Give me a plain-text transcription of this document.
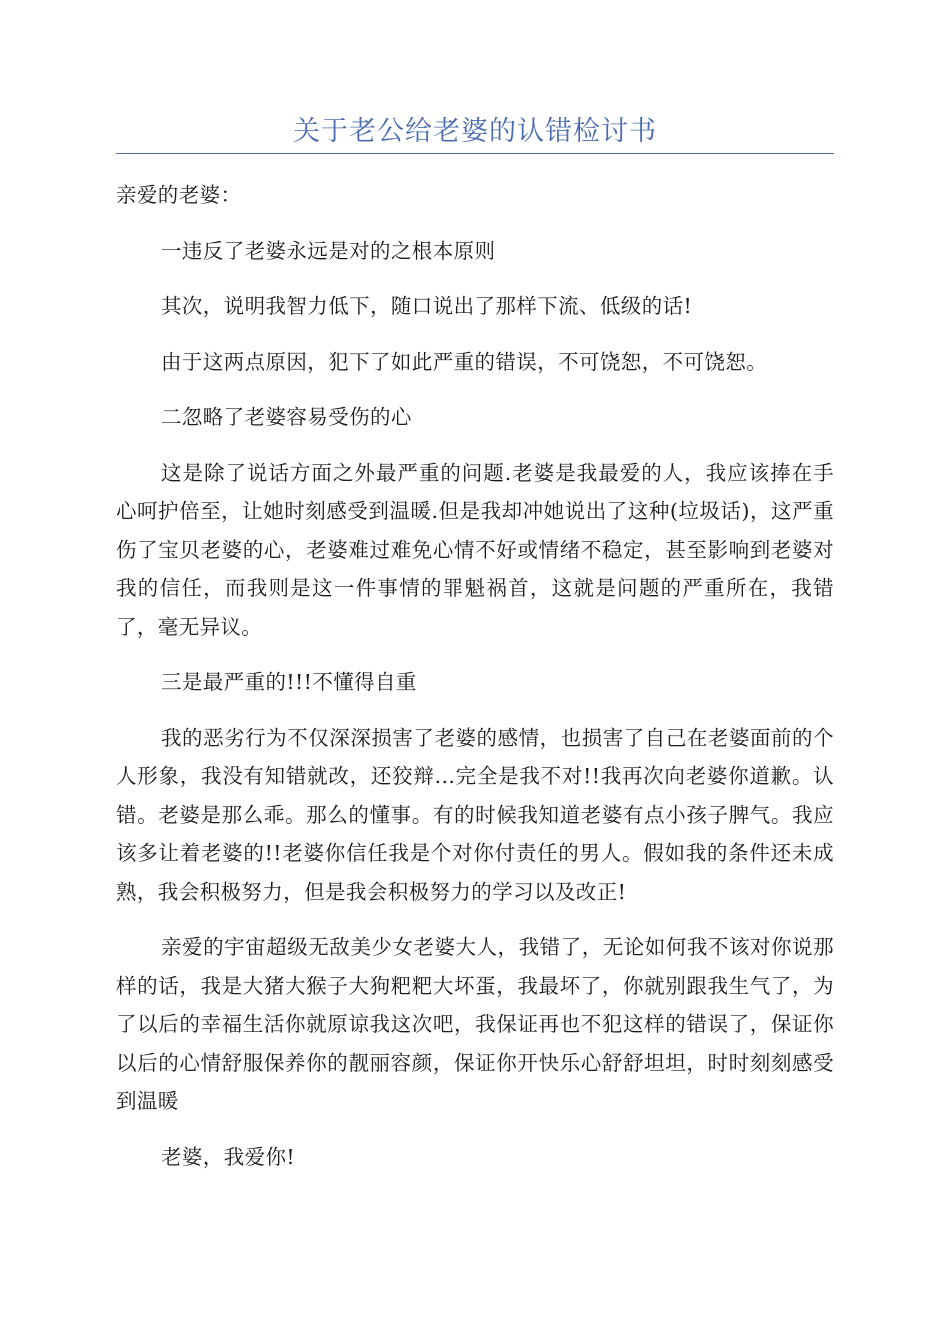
关于老公给老婆的认错检讨书

亲爱的老婆：

一违反了老婆永远是对的之根本原则

其次，说明我智力低下，随口说出了那样下流、低级的话!

由于这两点原因，犯下了如此严重的错误，不可饶恕，不可饶恕。

二忽略了老婆容易受伤的心

这是除了说话方面之外最严重的问题.老婆是我最爱的人，我应该捧在手心呵护倍至，让她时刻感受到温暖.但是我却冲她说出了这种(垃圾话)，这严重伤了宝贝老婆的心，老婆难过难免心情不好或情绪不稳定，甚至影响到老婆对我的信任，而我则是这一件事情的罪魁祸首，这就是问题的严重所在，我错了，毫无异议。

三是最严重的!!!不懂得自重

我的恶劣行为不仅深深损害了老婆的感情，也损害了自己在老婆面前的个人形象，我没有知错就改，还狡辩...完全是我不对!!我再次向老婆你道歉。认错。老婆是那么乖。那么的懂事。有的时候我知道老婆有点小孩子脾气。我应该多让着老婆的!!老婆你信任我是个对你付责任的男人。假如我的条件还未成熟，我会积极努力，但是我会积极努力的学习以及改正!

亲爱的宇宙超级无敌美少女老婆大人，我错了，无论如何我不该对你说那样的话，我是大猪大猴子大狗粑粑大坏蛋，我最坏了，你就别跟我生气了，为了以后的幸福生活你就原谅我这次吧，我保证再也不犯这样的错误了，保证你以后的心情舒服保养你的靓丽容颜，保证你开快乐心舒舒坦坦，时时刻刻感受到温暖

老婆，我爱你!
